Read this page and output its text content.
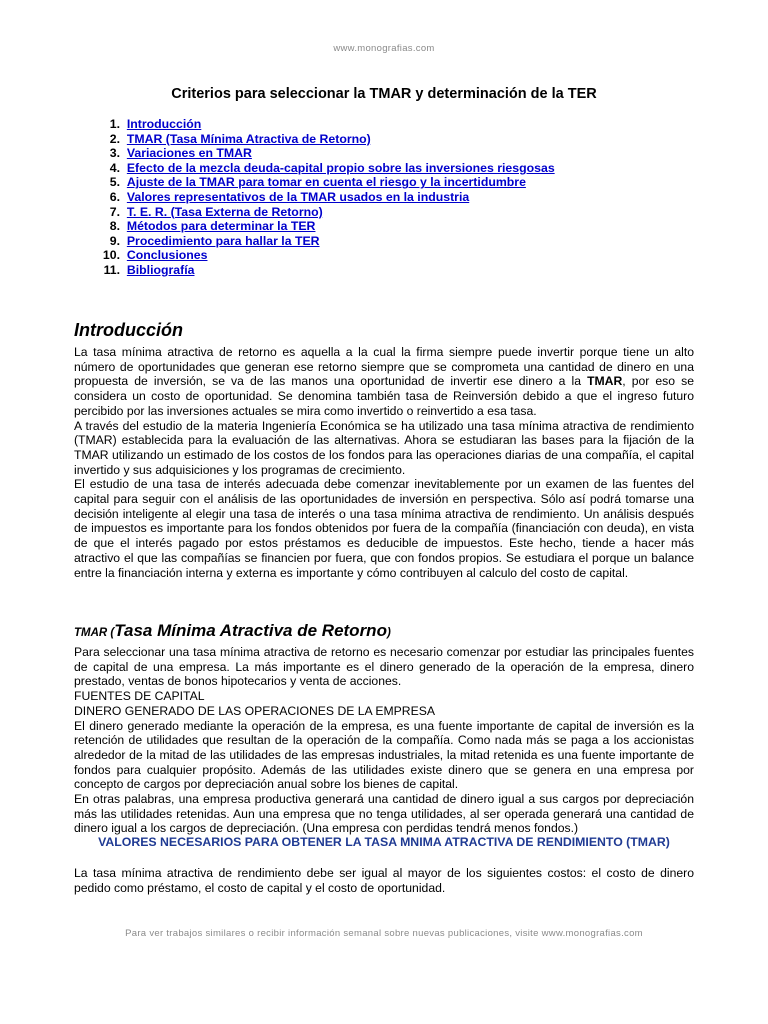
www.monografias.com
Criterios para seleccionar la TMAR y determinación de la TER
1.
Introducción
2.
TMAR (Tasa Mínima Atractiva de Retorno)
3.
Variaciones en TMAR
4.
Efecto de la mezcla deuda-capital propio sobre las inversiones riesgosas
5.
Ajuste de la TMAR para tomar en cuenta el riesgo y la incertidumbre
6.
Valores representativos de la TMAR usados en la industria
7.
T. E. R. (Tasa Externa de Retorno)
8.
Métodos para determinar la TER
9.
Procedimiento para hallar la TER
10.
Conclusiones
11.
Bibliografía
Introducción

La tasa mínima atractiva de retorno es aquella a la cual la firma siempre puede invertir porque tiene un alto número de oportunidades que generan ese retorno siempre que se comprometa una cantidad de dinero en una propuesta de inversión, se va de las manos una oportunidad de invertir ese dinero a la TMAR, por eso se considera un costo de oportunidad. Se denomina también tasa de Reinversión debido a que el ingreso futuro percibido por las inversiones actuales se mira como invertido o reinvertido a esa tasa.

A través del estudio de la materia Ingeniería Económica se ha utilizado una tasa mínima atractiva de rendimiento (TMAR) establecida para la evaluación de las alternativas. Ahora se estudiaran las bases para la fijación de la TMAR utilizando un estimado de los costos de los fondos para las operaciones diarias de una compañía, el capital invertido y sus adquisiciones y los programas de crecimiento.

El estudio de una tasa de interés adecuada debe comenzar inevitablemente por un examen de las fuentes del capital para seguir con el análisis de las oportunidades de inversión en perspectiva. Sólo así podrá tomarse una decisión inteligente al elegir una tasa de interés o una tasa mínima atractiva de rendimiento. Un análisis después de impuestos es importante para los fondos obtenidos por fuera de la compañía (financiación con deuda), en vista de que el interés pagado por estos préstamos es deducible de impuestos. Este hecho, tiende a hacer más atractivo el que las compañías se financien por fuera, que con fondos propios. Se estudiara el porque un balance entre la financiación interna y externa es importante y cómo contribuyen al calculo del costo de capital.

TMAR (Tasa Mínima Atractiva de Retorno)

Para seleccionar una tasa mínima atractiva de retorno es necesario comenzar por estudiar las principales fuentes de capital de una empresa. La más importante es el dinero generado de la operación de la empresa, dinero prestado, ventas de bonos hipotecarios y venta de acciones.

FUENTES DE CAPITAL

DINERO GENERADO DE LAS OPERACIONES DE LA EMPRESA

El dinero generado mediante la operación de la empresa, es una fuente importante de capital de inversión es la retención de utilidades que resultan de la operación de la compañía. Como nada más se paga a los accionistas alrededor de la mitad de las utilidades de las empresas industriales, la mitad retenida es una fuente importante de fondos para cualquier propósito. Además de las utilidades existe dinero que se genera en una empresa por concepto de cargos por depreciación anual sobre los bienes de capital.

En otras palabras, una empresa productiva generará una cantidad de dinero igual a sus cargos por depreciación más las utilidades retenidas. Aun una empresa que no tenga utilidades, al ser operada generará una cantidad de dinero igual a los cargos de depreciación. (Una empresa con perdidas tendrá menos fondos.)

VALORES NECESARIOS PARA OBTENER LA TASA MNIMA ATRACTIVA DE RENDIMIENTO (TMAR)

La tasa mínima atractiva de rendimiento debe ser igual al mayor de los siguientes costos: el costo de dinero pedido como préstamo, el costo de capital y el costo de oportunidad.

Para ver trabajos similares o recibir información semanal sobre nuevas publicaciones, visite www.monografias.com
